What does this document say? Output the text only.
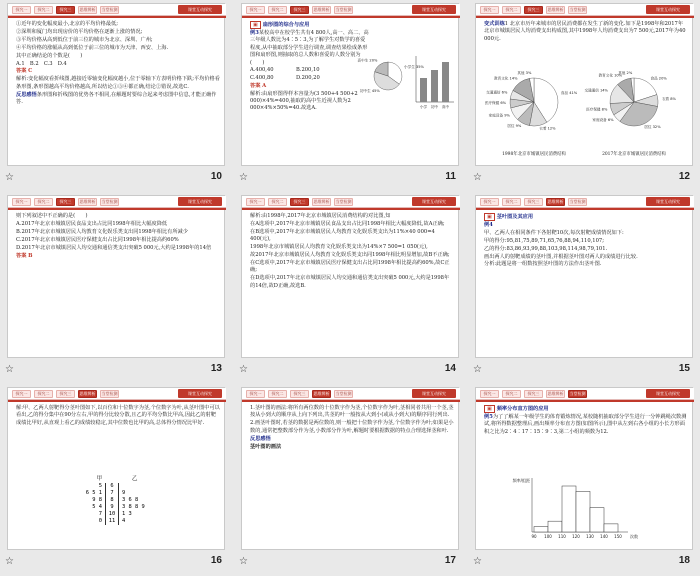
探究一	探究二	探究三	思维辨析	当堂检测	课堂互动探究

①近年的变化幅度最小,北京的平均价格最低;

②深圳和厦门均出现房价的平均价格在逐渐上涨的情况;

③平均价格从高到低位于前三位的城市为北京、深圳、广州;

④平均价格的涨幅从高到低位于前三位的城市为天津、西安、上海.

其中正确结论的个数是(　　)

A.1　B.2　C.3　D.4

答案 C

解析:变化幅度看折线图,越接近零轴变化幅度越小,位于零轴下方表明价格下跌;平均价格看条形图,条形图越高平均价格越高,所以结论①③④都正确,结论②错误,故选C.

反思感悟条形图和折线图的优势各不相同,在解题时要综合起来考虑图中信息,才能正确作答.

☆	10
探究一	探究二	探究三	思维辨析	当堂检测	课堂互动探究

▣ 扇形图的综合与应用

例3某校高中在校学生共有4 800人,高一、高二、高三年级人数比为4∶5∶3,为了解学生对数学的喜爱程度,从中抽取部分学生进行调查,调查结果绘成条形图和扇形图,则抽取的总人数和喜爱的人数分别为(　　)

A.400,40	B.200,10
C.400,80	D.200,20

答案 A

解析:由扇形图得样本容量为(3 500+4 500+2 000)×4%=400,抽取的高中生近视人数为2 000×4%×50%=40.故选A.

小学生 35%
初中生 45%
高中生 20%
小学 初中 高中
☆	11
探究一	探究二	探究三	思维辨析	当堂检测	课堂互动探究

变式训练1 北京市历年来城市的居民消费都在发生了新的变化.如下是1998年和2017年北京市城镇居民人均消费支出构成图,其中1998年人均消费支出为7 500元,2017年为40 000元.

食品 41%
衣着 12%
居住 9%
家庭设备 9%
医疗保健 6%
交通通信 6%
教育文化 14%
其他 3%
食品 20%
衣着 8%
居住 32%
家庭设备 6%
医疗保健 8%
交通通信 14%
教育文化 10%
其他 2%
1998年北京市城镇居民消费结构	2017年北京市城镇居民消费结构
☆	12
探究一	探究二	探究三	思维辨析	当堂检测	课堂互动探究

则下列叙述中不正确的是(　　)

A.2017年北京市城镇居民食品支出占比同1998年相比大幅度降低

B.2017年北京市城镇居民人均教育文化娱乐类支出同1998年相比有所减少

C.2017年北京市城镇居民医疗保健支出占比同1998年相比提高约60%

D.2017年北京市城镇居民人均交通和通信类支出突破5 000元,大约是1998年的14倍

答案 B

☆	13
探究一	探究二	探究三	思维辨析	当堂检测	课堂互动探究

解析:由1998年,2017年北京市城镇居民消费结构的对比图,知

在A选项中,2017年北京市城镇居民食品支出占比同1998年相比大幅度降低,故A正确;

在B选项中,2017年北京市城镇居民人均教育文化娱乐类支出为11%×40 000=4 400(元),

1998年北京市城镇居民人均教育文化娱乐类支出为14%×7 500=1 050(元),

故2017年北京市城镇居民人均教育文化娱乐类支出同1998年相比明显增加,故B不正确;

在C选项中,2017年北京市城镇居民医疗保健支出占比同1998年相比提高约60%,故C正确;

在D选项中,2017年北京市城镇居民人均交通和通信类支出突破5 000元,大约是1998年的14倍,故D正确,故选B.

☆	14
探究一	探究二	探究三	思维辨析	当堂检测	课堂互动探究

▣ 茎叶图及其应用

例4

甲、乙两人在相同条件下各射靶10次,每次射靶成绩情况如下:

甲的得分:95,81,75,89,71,65,76,88,94,110,107;

乙的得分:83,86,93,99,88,103,98,114,98,79,101.

画出两人的射靶成绩的茎叶图,并根据茎叶图对两人的成绩进行比较.

分析:此题是将一组数按照茎叶图的方法作出茎叶图.

☆	15
探究一	探究二	探究三	思维辨析	当堂检测	课堂互动探究

解:甲、乙两人射靶得分茎叶图如下,以百位和十位数字为茎,个位数字为叶,从茎叶图中可以看出,乙的得分集中在90分左右,甲的得分比较分散,且乙的平均分数比甲高,因此乙的射靶成绩比甲好,从直观上看乙的成绩较稳定,其中位数也比甲的高,总体得分情况比甲好.

甲	乙
5	6
6 5 1	7	9
9 8	8	3 6 8
5 4	9	3 8 8 9
7	10	1 3
0	11	4
☆	16
探究一	探究二	探究三	思维辨析	当堂检测	课堂互动探究

1.茎叶图的画法:将所有两位数的十位数字作为茎,个位数字作为叶,茎相同者共用一个茎,茎按从小到大的顺序从上向下列出,共茎的叶一般按从大到小(或从小到大)的顺序同行列出.

2.画茎叶图时,若茎的数据是两位数的,则一般把十位数字作为茎,个位数字作为叶;如果是小数的,通常把整数部分作为茎,小数部分作为叶,解题时要根据数据的特点合理选择茎和叶.

反思感悟

茎叶图的画法

☆	17
探究一	探究二	探究三	思维辨析	当堂检测	课堂互动探究

▣ 频率分布直方图的应用

例5为了了解某一年级学生的体育锻炼情况,某校随机抽取部分学生进行一分钟跳绳次数测试,将所得数据整理后,画出频率分布直方图(如图所示),图中从左到右各小组的小长方形面积之比为2∶4∶17∶15∶9∶3,第二小组的频数为12.

90 100 110 120 130 140 150 次数
频率/组距
☆	18
